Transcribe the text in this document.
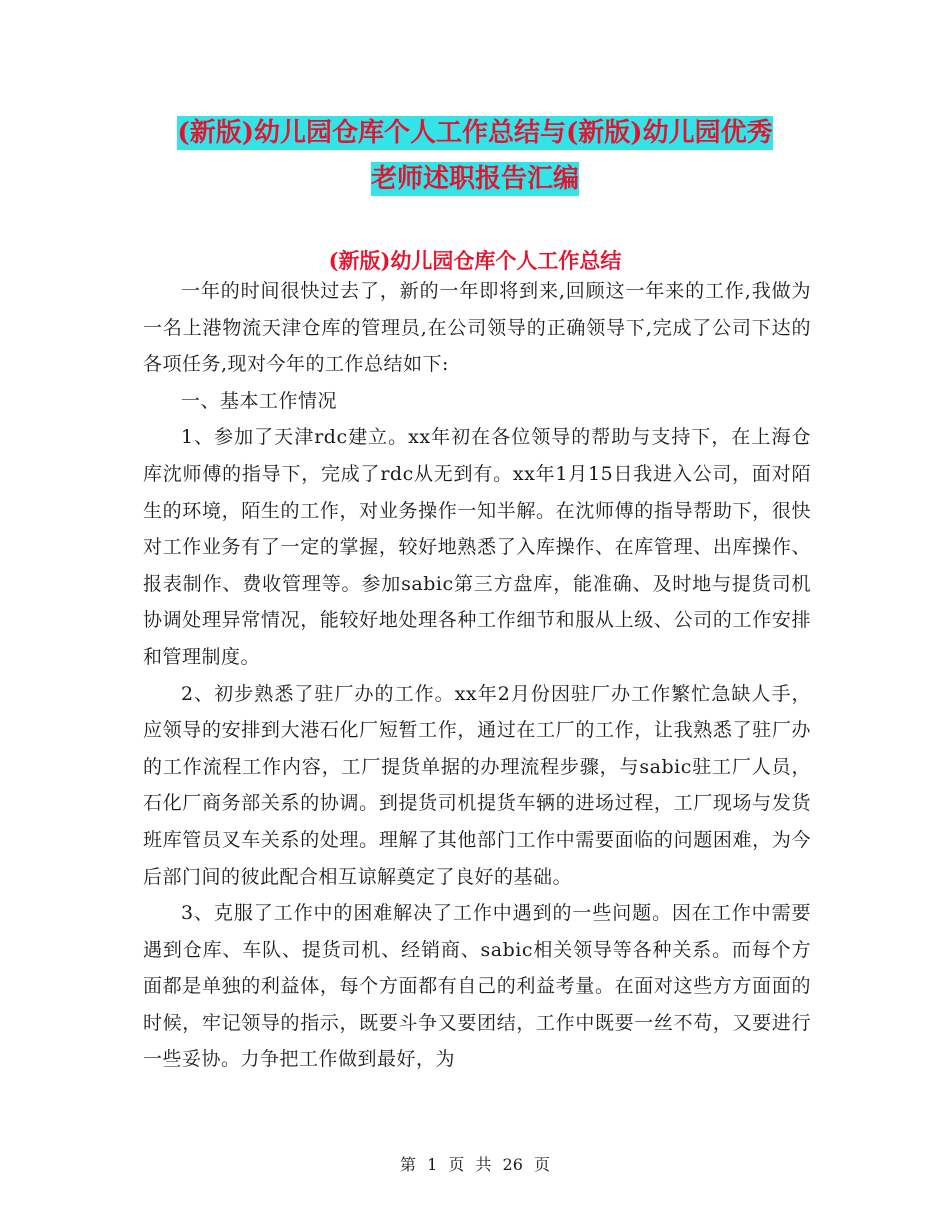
(新版)幼儿园仓库个人工作总结与(新版)幼儿园优秀
老师述职报告汇编
(新版)幼儿园仓库个人工作总结

一年的时间很快过去了，新的一年即将到来,回顾这一年来的工作,我做为一名上港物流天津仓库的管理员,在公司领导的正确领导下,完成了公司下达的各项任务,现对今年的工作总结如下:

一、基本工作情况

1、参加了天津rdc建立。xx年初在各位领导的帮助与支持下，在上海仓库沈师傅的指导下，完成了rdc从无到有。xx年1月15日我进入公司，面对陌生的环境，陌生的工作，对业务操作一知半解。在沈师傅的指导帮助下，很快对工作业务有了一定的掌握，较好地熟悉了入库操作、在库管理、出库操作、报表制作、费收管理等。参加sabic第三方盘库，能准确、及时地与提货司机协调处理异常情况，能较好地处理各种工作细节和服从上级、公司的工作安排和管理制度。

2、初步熟悉了驻厂办的工作。xx年2月份因驻厂办工作繁忙急缺人手，应领导的安排到大港石化厂短暂工作，通过在工厂的工作，让我熟悉了驻厂办的工作流程工作内容，工厂提货单据的办理流程步骤，与sabic驻工厂人员，石化厂商务部关系的协调。到提货司机提货车辆的进场过程，工厂现场与发货班库管员叉车关系的处理。理解了其他部门工作中需要面临的问题困难，为今后部门间的彼此配合相互谅解奠定了良好的基础。

3、克服了工作中的困难解决了工作中遇到的一些问题。因在工作中需要遇到仓库、车队、提货司机、经销商、sabic相关领导等各种关系。而每个方面都是单独的利益体，每个方面都有自己的利益考量。在面对这些方方面面的时候，牢记领导的指示，既要斗争又要团结，工作中既要一丝不苟，又要进行一些妥协。力争把工作做到最好，为

第 1 页 共 26 页
